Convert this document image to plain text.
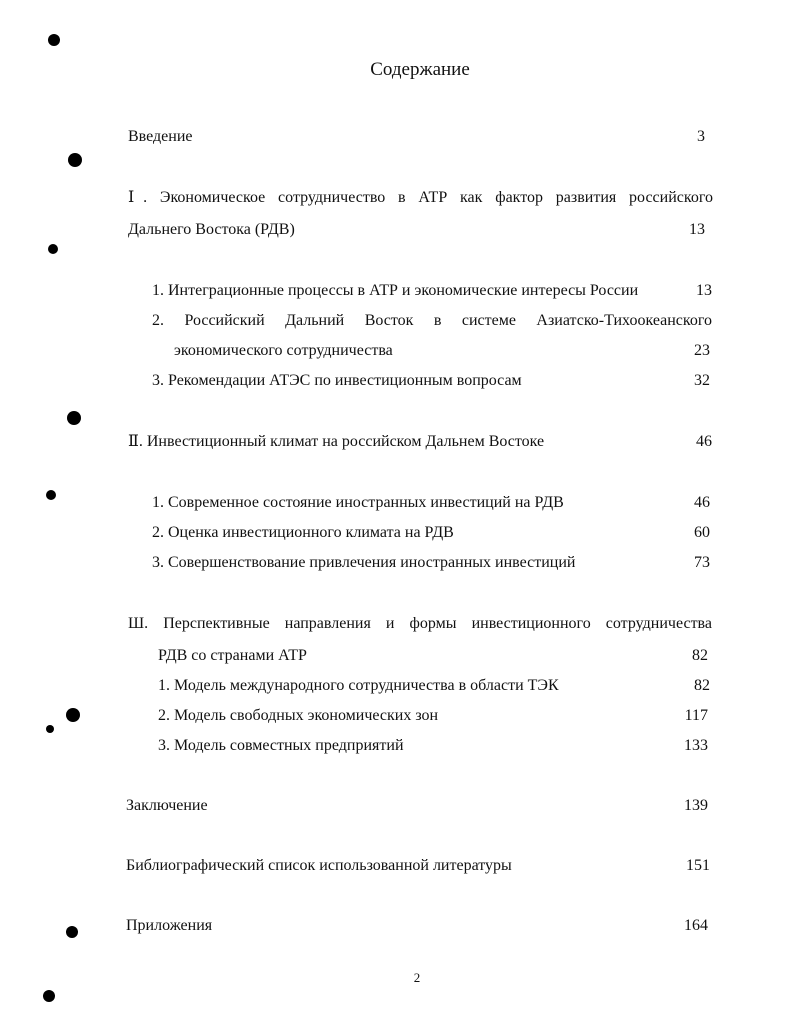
Содержание
Введение	3
Ⅰ. Экономическое сотрудничество в АТР как фактор развития российского
Дальнего Востока (РДВ)	13
1. Интеграционные процессы в АТР и экономические интересы России	13
2. Российский Дальний Восток в системе Азиатско-Тихоокеанского
экономического сотрудничества	23
3. Рекомендации АТЭС по инвестиционным вопросам	32
Ⅱ. Инвестиционный климат на российском Дальнем Востоке	46
1. Современное состояние иностранных инвестиций на РДВ	46
2. Оценка инвестиционного климата на РДВ	60
3. Совершенствование привлечения иностранных инвестиций	73
Ш. Перспективные направления и формы инвестиционного сотрудничества
РДВ со странами АТР	82
1. Модель международного сотрудничества в области ТЭК	82
2. Модель свободных экономических зон	117
3. Модель совместных предприятий	133
Заключение	139
Библиографический список использованной литературы	151
Приложения	164
2
